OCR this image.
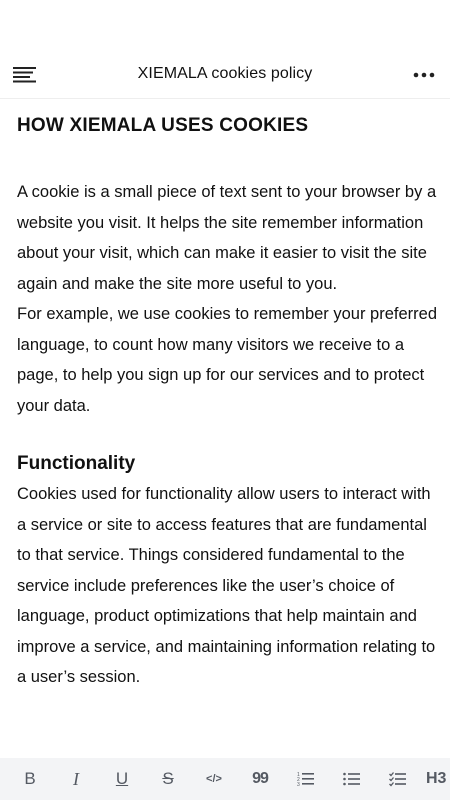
XIEMALA cookies policy
HOW XIEMALA USES COOKIES

A cookie is a small piece of text sent to your browser by a website you visit. It helps the site remember information about your visit, which can make it easier to visit the site again and make the site more useful to you.

For example, we use cookies to remember your preferred language, to count how many visitors we receive to a page, to help you sign up for our services and to protect your data.

Functionality

Cookies used for functionality allow users to interact with a service or site to access features that are fundamental to that service. Things considered fundamental to the service include preferences like the user’s choice of language, product optimizations that help maintain and improve a service, and maintaining information relating to a user’s session.

B I U S	</> 99	1
2
3	H3
